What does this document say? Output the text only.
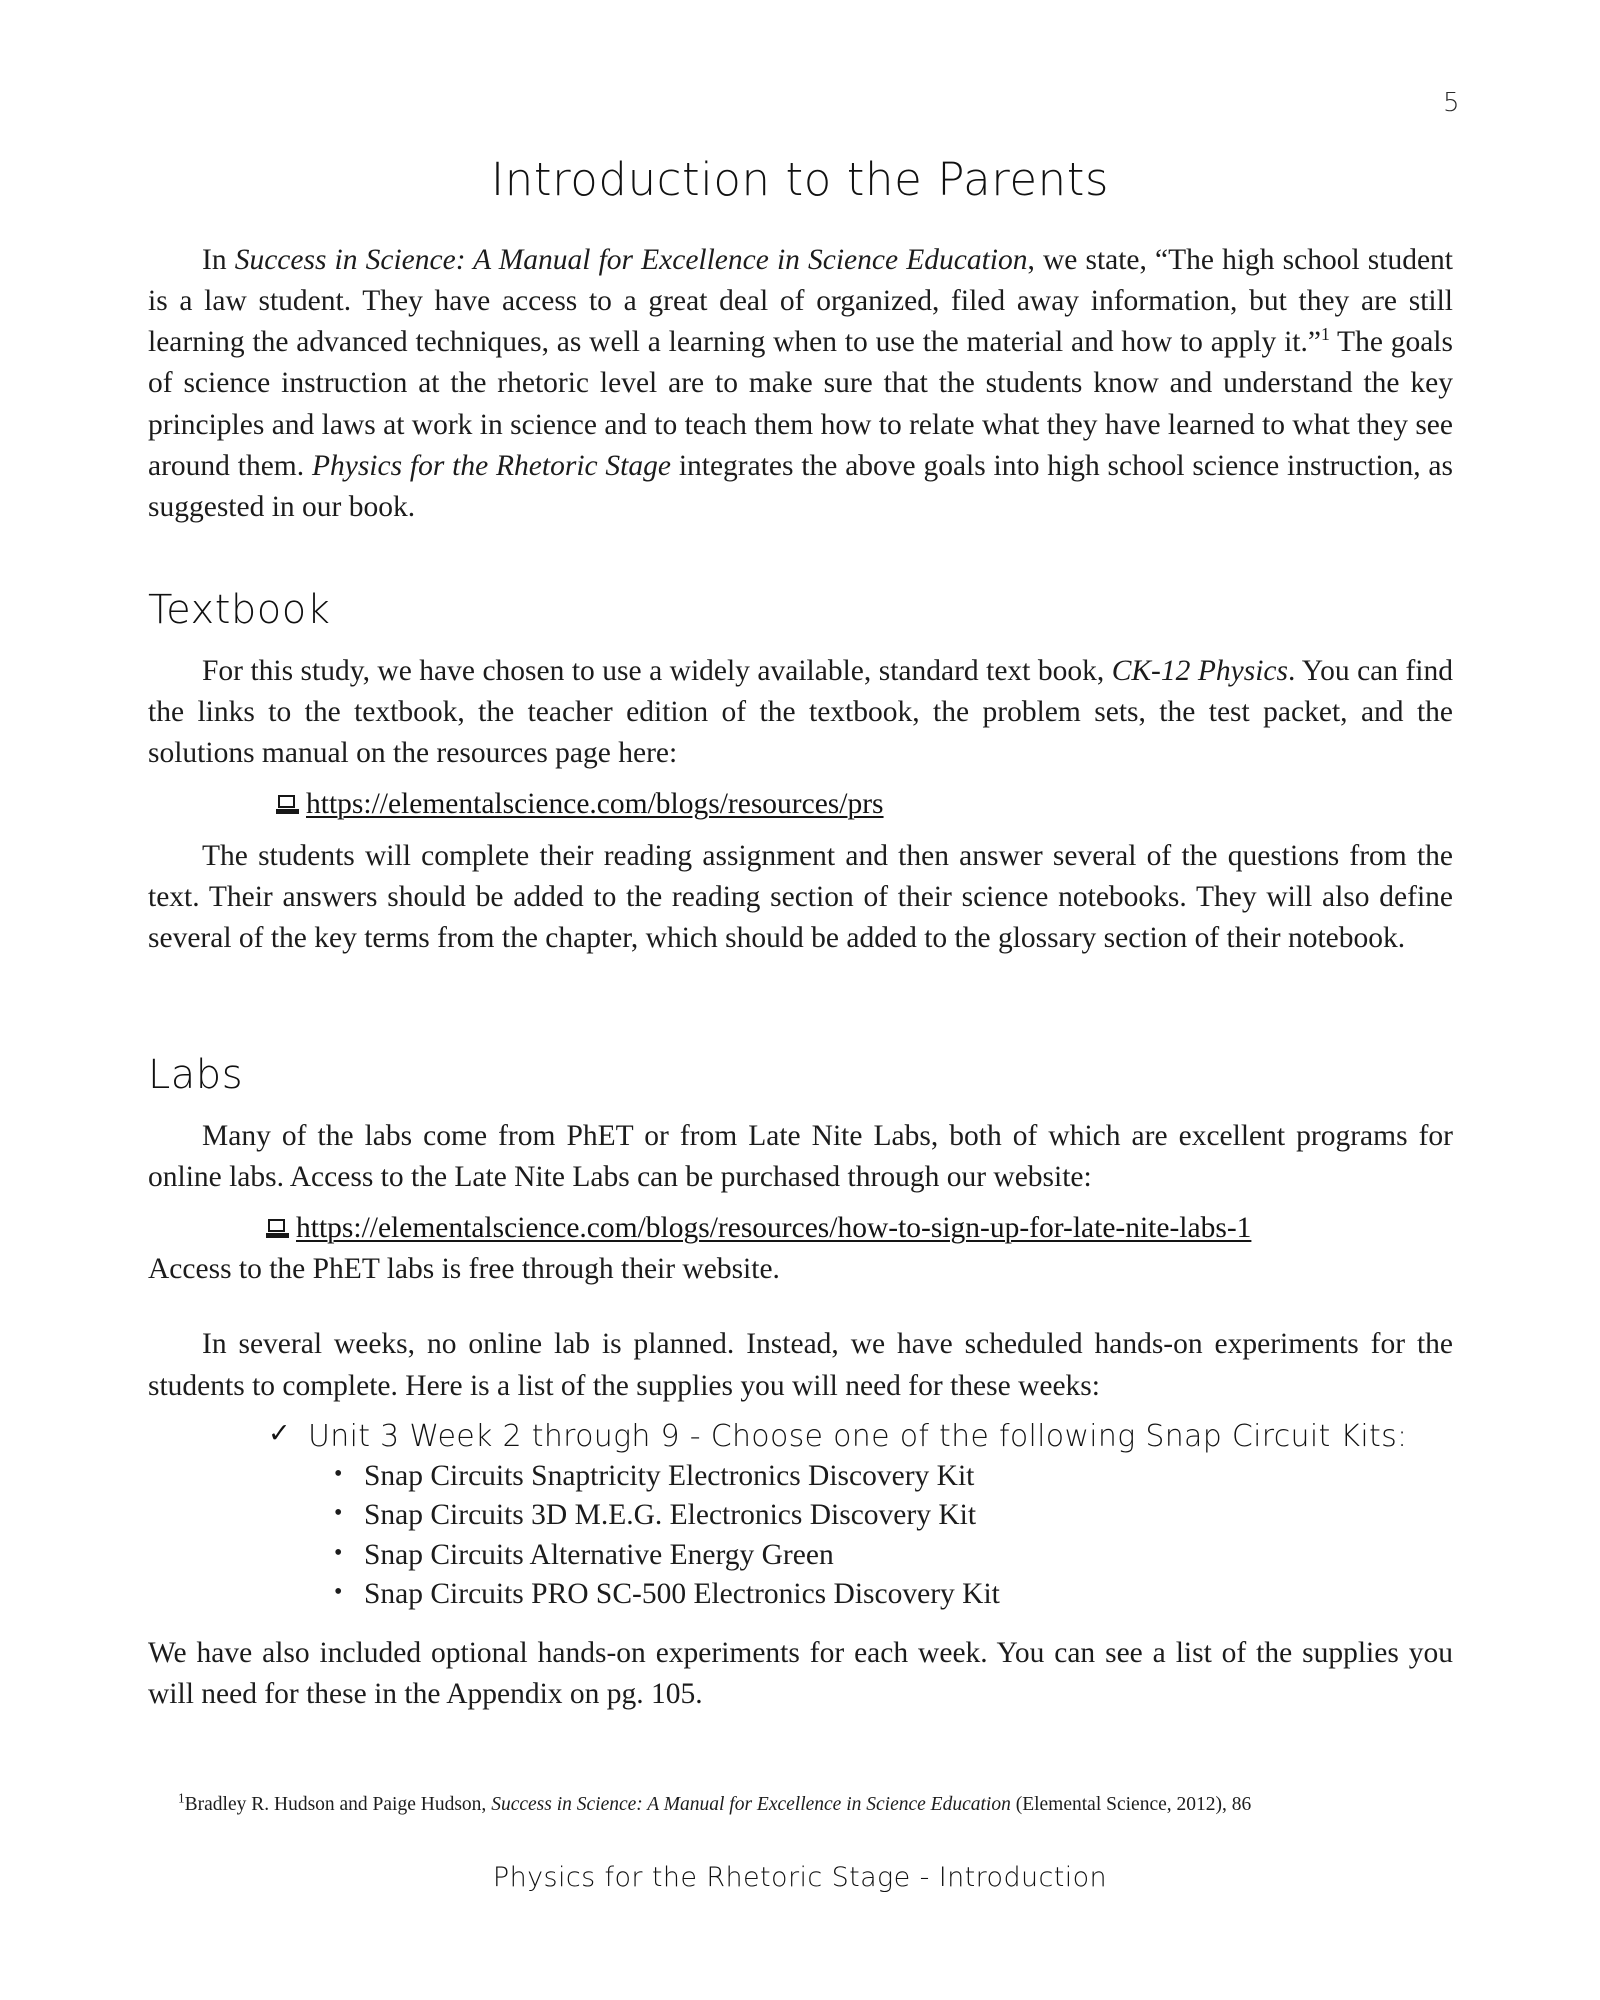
5
Introduction to the Parents

In Success in Science: A Manual for Excellence in Science Education, we state, “The high school student is a law student. They have access to a great deal of organized, filed away information, but they are still learning the advanced techniques, as well a learning when to use the material and how to apply it.”$^1$ The goals of science instruction at the rhetoric level are to make sure that the students know and understand the key principles and laws at work in science and to teach them how to relate what they have learned to what they see around them. Physics for the Rhetoric Stage integrates the above goals into high school science instruction, as suggested in our book.

Textbook

For this study, we have chosen to use a widely available, standard text book, CK-12 Physics. You can find the links to the textbook, the teacher edition of the textbook, the problem sets, the test packet, and the solutions manual on the resources page here:

https://elementalscience.com/blogs/resources/prs

The students will complete their reading assignment and then answer several of the questions from the text. Their answers should be added to the reading section of their science notebooks. They will also define several of the key terms from the chapter, which should be added to the glossary section of their notebook.

Labs

Many of the labs come from PhET or from Late Nite Labs, both of which are excellent programs for online labs. Access to the Late Nite Labs can be purchased through our website:

https://elementalscience.com/blogs/resources/how-to-sign-up-for-late-nite-labs-1

Access to the PhET labs is free through their website.

In several weeks, no online lab is planned. Instead, we have scheduled hands-on experiments for the students to complete. Here is a list of the supplies you will need for these weeks:

✓ Unit 3 Week 2 through 9 - Choose one of the following Snap Circuit Kits:
• Snap Circuits Snaptricity Electronics Discovery Kit
• Snap Circuits 3D M.E.G. Electronics Discovery Kit
• Snap Circuits Alternative Energy Green
• Snap Circuits PRO SC-500 Electronics Discovery Kit

We have also included optional hands-on experiments for each week. You can see a list of the supplies you will need for these in the Appendix on pg. 105.

$^1$Bradley R. Hudson and Paige Hudson, Success in Science: A Manual for Excellence in Science Education (Elemental Science, 2012), 86
Physics for the Rhetoric Stage - Introduction
